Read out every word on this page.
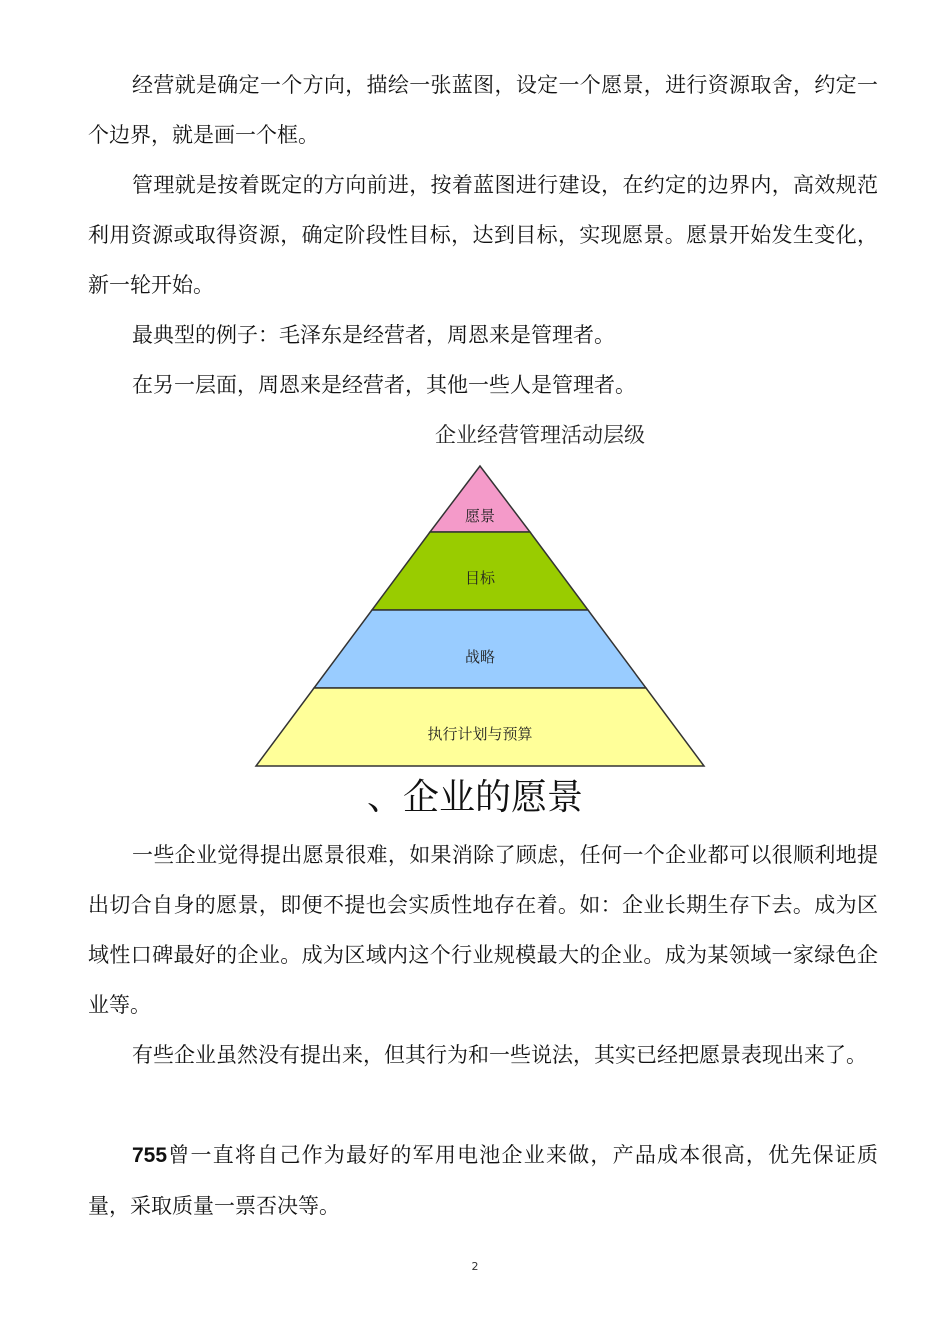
经营就是确定一个方向，描绘一张蓝图，设定一个愿景，进行资源取舍，约定一个边界，就是画一个框。

管理就是按着既定的方向前进，按着蓝图进行建设，在约定的边界内，高效规范利用资源或取得资源，确定阶段性目标，达到目标，实现愿景。愿景开始发生变化，新一轮开始。

最典型的例子：毛泽东是经营者，周恩来是管理者。

在另一层面，周恩来是经营者，其他一些人是管理者。

企业经营管理活动层级
愿景
目标
战略
执行计划与预算
、企业的愿景

一些企业觉得提出愿景很难，如果消除了顾虑，任何一个企业都可以很顺利地提出切合自身的愿景，即便不提也会实质性地存在着。如：企业长期生存下去。成为区域性口碑最好的企业。成为区域内这个行业规模最大的企业。成为某领域一家绿色企业等。

有些企业虽然没有提出来，但其行为和一些说法，其实已经把愿景表现出来了。

755曾一直将自己作为最好的军用电池企业来做，产品成本很高，优先保证质量，采取质量一票否决等。

2
